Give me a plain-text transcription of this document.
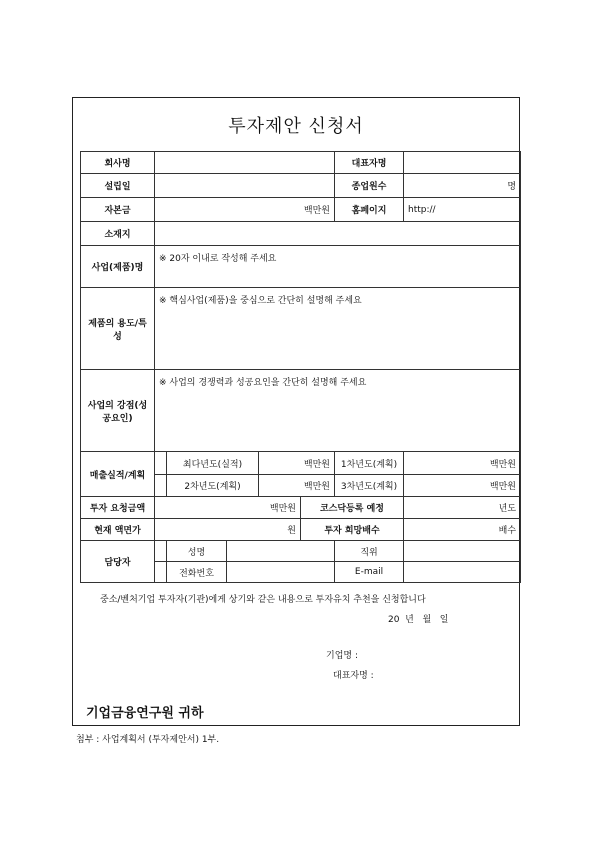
투자제안 신청서
회사명						대표자명	
설립일						종업원수	명
자본금	백만원					홈페이지	http://
소재지							
사업(제품)명	※ 20자 이내로 작성해 주세요						
제품의 용도/특성	※ 핵심사업(제품)을 중심으로 간단히 설명해 주세요						
사업의 강점(성공요인)	※ 사업의 경쟁력과 성공요인을 간단히 설명해 주세요						
매출실적/계획		최다년도(실적)		백만원		1차년도(계획)	백만원
		2차년도(계획)		백만원		3차년도(계획)	백만원
투자 요청금액	백만원				코스닥등록 예정		년도
현재 액면가	원				투자 희망배수		배수
담당자		성명				직위	
		전화번호				E-mail	
중소/벤처기업 투자자(기관)에게 상기와 같은 내용으로 투자유치 추천을 신청합니다
20  년   월   일
기업명 :
대표자명 :
기업금융연구원 귀하
첨부 : 사업계획서 (투자제안서) 1부.
